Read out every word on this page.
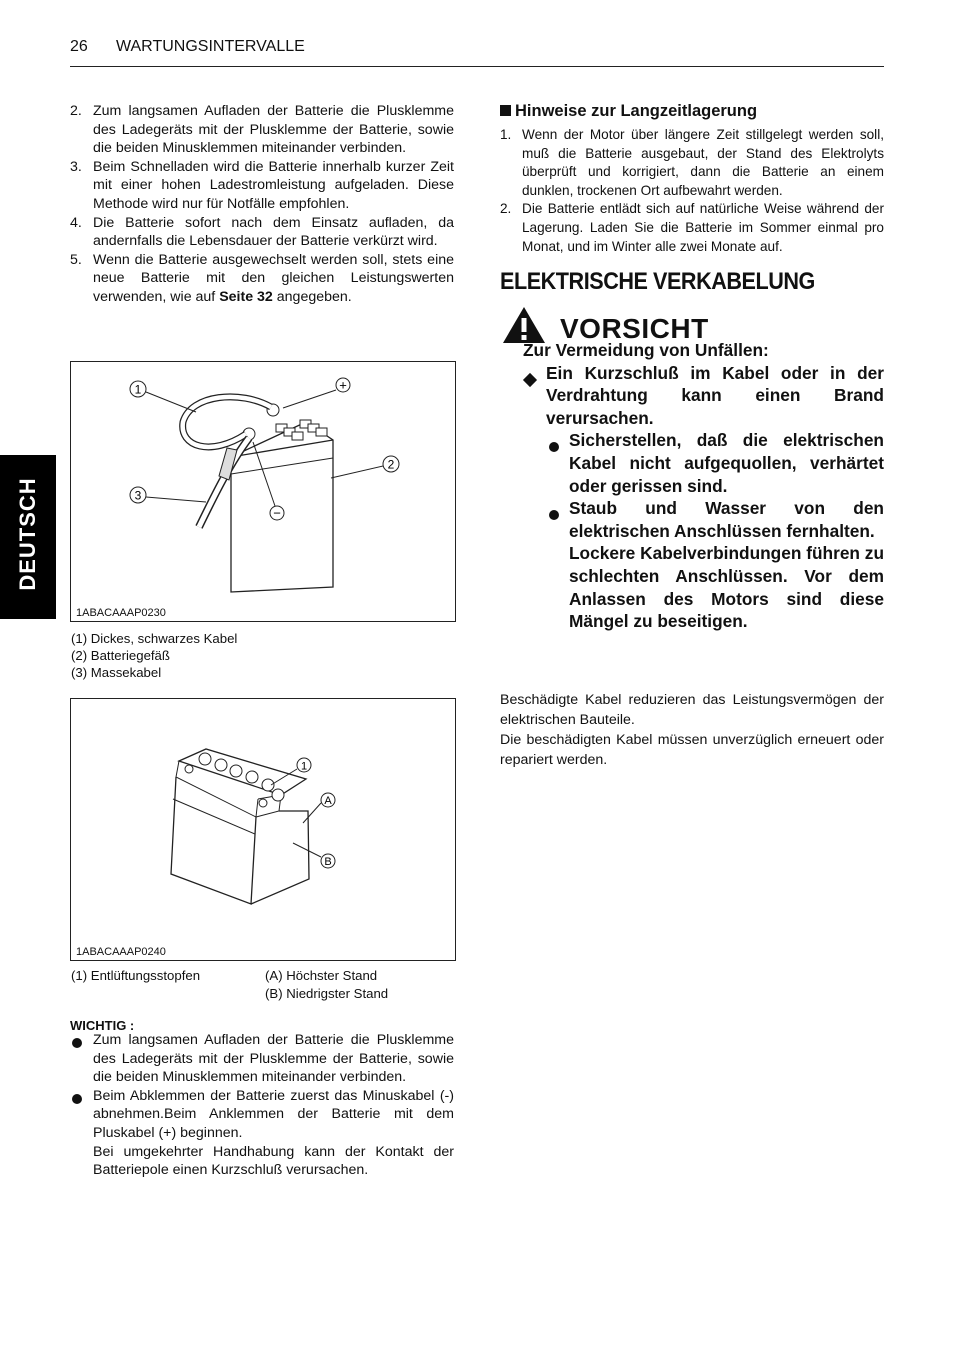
26 WARTUNGSINTERVALLE
DEUTSCH
2. Zum langsamen Aufladen der Batterie die Plusklemme des Ladegeräts mit der Plusklemme der Batterie, sowie die beiden Minusklemmen miteinander verbinden.
3. Beim Schnelladen wird die Batterie innerhalb kurzer Zeit mit einer hohen Ladestromleistung aufgeladen. Diese Methode wird nur für Notfälle empfohlen.
4. Die Batterie sofort nach dem Einsatz aufladen, da andernfalls die Lebensdauer der Batterie verkürzt wird.
5. Wenn die Batterie ausgewechselt werden soll, stets eine neue Batterie mit den gleichen Leistungswerten verwenden, wie auf Seite 32 angegeben.
1	+
2
3
−
1ABACAAAP0230
(1) Dickes, schwarzes Kabel
(2) Batteriegefäß
(3) Massekabel
1
A
B
1ABACAAAP0240
(1) Entlüftungsstopfen	(A) Höchster Stand
(B) Niedrigster Stand
WICHTIG :
Zum langsamen Aufladen der Batterie die Plusklemme des Ladegeräts mit der Plusklemme der Batterie, sowie die beiden Minusklemmen miteinander verbinden.
Beim Abklemmen der Batterie zuerst das Minuskabel (-) abnehmen.Beim Anklemmen der Batterie mit dem Pluskabel (+) beginnen.
Bei umgekehrter Handhabung kann der Kontakt der Batteriepole einen Kurzschluß verursachen.
Hinweise zur Langzeitlagerung
1. Wenn der Motor über längere Zeit stillgelegt werden soll, muß die Batterie ausgebaut, der Stand des Elektrolyts überprüft und korrigiert, dann die Batterie an einem dunklen, trockenen Ort aufbewahrt werden.
2. Die Batterie entlädt sich auf natürliche Weise während der Lagerung. Laden Sie die Batterie im Sommer einmal pro Monat, und im Winter alle zwei Monate auf.
ELEKTRISCHE VERKABELUNG
VORSICHT
Zur Vermeidung von Unfällen:
Ein Kurzschluß im Kabel oder in der Verdrahtung kann einen Brand verursachen.
Sicherstellen, daß die elektrischen Kabel nicht aufgequollen, verhärtet oder gerissen sind.
Staub und Wasser von den elektrischen Anschlüssen fernhalten.
Lockere Kabelverbindungen führen zu schlechten Anschlüssen. Vor dem Anlassen des Motors sind diese Mängel zu beseitigen.
Beschädigte Kabel reduzieren das Leistungsvermögen der elektrischen Bauteile.
Die beschädigten Kabel müssen unverzüglich erneuert oder repariert werden.
